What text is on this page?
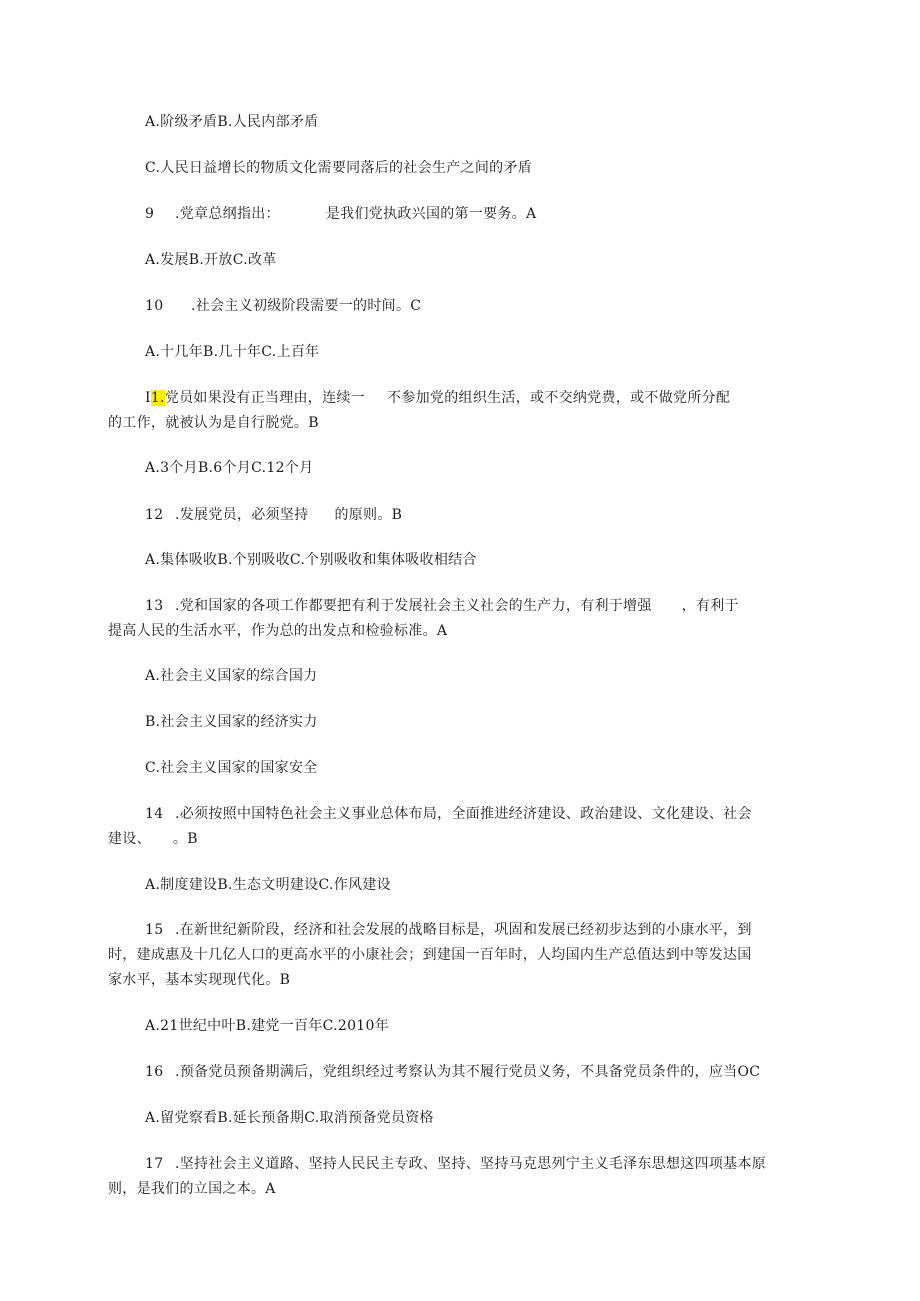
A.阶级矛盾B.人民内部矛盾
C.人民日益增长的物质文化需要同落后的社会生产之间的矛盾
9 .党章总纲指出：	是我们党执政兴国的第一要务。A
A.发展B.开放C.改革
10 .社会主义初级阶段需要一的时间。C
A.十几年B.几十年C.上百年
I1.党员如果没有正当理由，连续一 不参加党的组织生活，或不交纳党费，或不做党所分配
的工作，就被认为是自行脱党。B
A.3个月B.6个月C.12个月
12 .发展党员，必须坚持 的原则。B
A.集体吸收B.个别吸收C.个别吸收和集体吸收相结合
13 .党和国家的各项工作都要把有利于发展社会主义社会的生产力，有利于增强 ，有利于
提高人民的生活水平，作为总的出发点和检验标准。A
A.社会主义国家的综合国力
B.社会主义国家的经济实力
C.社会主义国家的国家安全
14 .必须按照中国特色社会主义事业总体布局，全面推进经济建设、政治建设、文化建设、社会
建设、 。B
A.制度建设B.生态文明建设C.作风建设
15 .在新世纪新阶段，经济和社会发展的战略目标是，巩固和发展已经初步达到的小康水平，到
时，建成惠及十几亿人口的更高水平的小康社会；到建国一百年时，人均国内生产总值达到中等发达国
家水平，基本实现现代化。B
A.21世纪中叶B.建党一百年C.2010年
16 .预备党员预备期满后，党组织经过考察认为其不履行党员义务，不具备党员条件的，应当OC
A.留党察看B.延长预备期C.取消预备党员资格
17 .坚持社会主义道路、坚持人民民主专政、坚持、坚持马克思列宁主义毛泽东思想这四项基本原
则，是我们的立国之本。A
